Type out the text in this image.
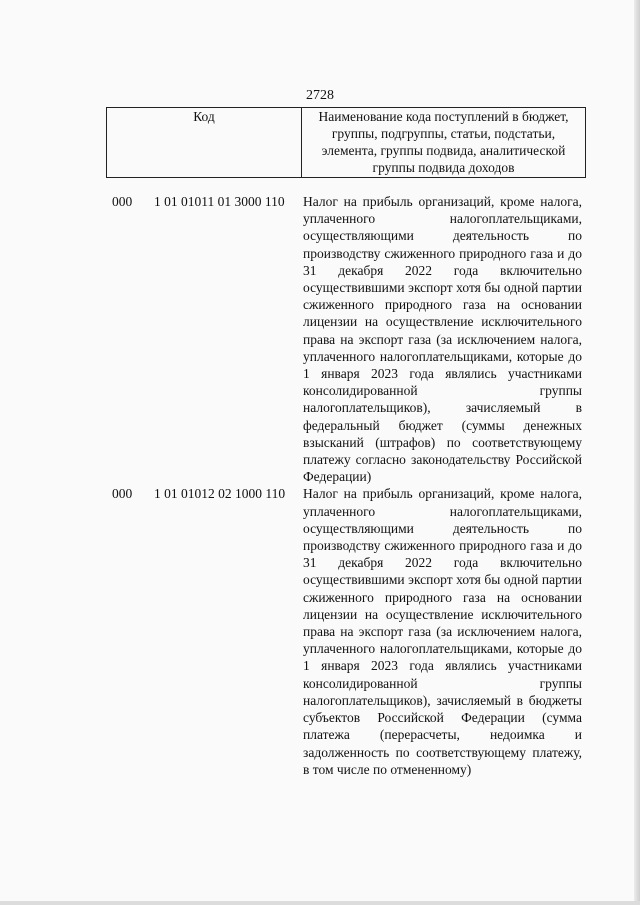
2728
Код	Наименование кода поступлений в бюджет, группы, подгруппы, статьи, подстатьи, элемента, группы подвида, аналитической группы подвида доходов
000 1 01 01011 01 3000 110 Налог на прибыль организаций, кроме налога, уплаченного налогоплательщиками, осуществляющими деятельность по производству сжиженного природного газа и до 31 декабря 2022 года включительно осуществившими экспорт хотя бы одной партии сжиженного природного газа на основании лицензии на осуществление исключительного права на экспорт газа (за исключением налога, уплаченного налогоплательщиками, которые до 1 января 2023 года являлись участниками консолидированной группы налогоплательщиков), зачисляемый в федеральный бюджет (суммы денежных взысканий (штрафов) по соответствующему платежу согласно законодательству Российской Федерации)
000 1 01 01012 02 1000 110 Налог на прибыль организаций, кроме налога, уплаченного налогоплательщиками, осуществляющими деятельность по производству сжиженного природного газа и до 31 декабря 2022 года включительно осуществившими экспорт хотя бы одной партии сжиженного природного газа на основании лицензии на осуществление исключительного права на экспорт газа (за исключением налога, уплаченного налогоплательщиками, которые до 1 января 2023 года являлись участниками консолидированной группы налогоплательщиков), зачисляемый в бюджеты субъектов Российской Федерации (сумма платежа (перерасчеты, недоимка и задолженность по соответствующему платежу, в том числе по отмененному)
